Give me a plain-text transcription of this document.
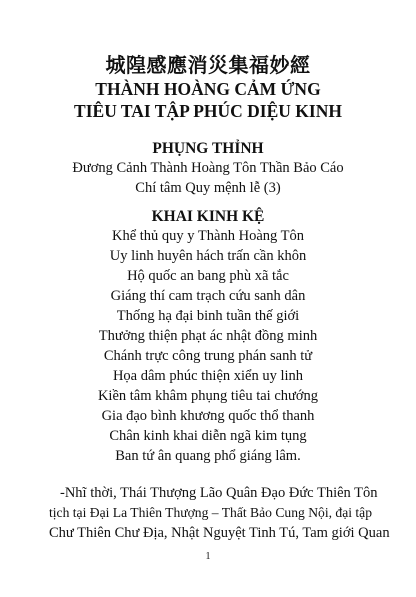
城隍感應消災集福妙經
THÀNH HOÀNG CẢM ỨNG
TIÊU TAI TẬP PHÚC DIỆU KINH
PHỤNG THỈNH
Đương Cảnh Thành Hoàng Tôn Thần Bảo Cáo
Chí tâm Quy mệnh lễ (3)
KHAI KINH KỆ
Khể thủ quy y Thành Hoàng Tôn
Uy linh huyên hách trấn cần khôn
Hộ quốc an bang phù xã tắc
Giáng thí cam trạch cứu sanh dân
Thống hạ đại binh tuần thế giới
Thưởng thiện phạt ác nhật đồng minh
Chánh trực công trung phán sanh tử
Họa dâm phúc thiện xiển uy linh
Kiền tâm khâm phụng tiêu tai chướng
Gia đạo bình khương quốc thổ thanh
Chân kinh khai diễn ngã kim tụng
Ban tứ ân quang phổ giáng lâm.
-Nhĩ thời, Thái Thượng Lão Quân Đạo Đức Thiên Tôn
tịch tại Đại La Thiên Thượng – Thất Bảo Cung Nội, đại tập
Chư Thiên Chư Địa, Nhật Nguyệt Tinh Tú, Tam giới Quan
1
